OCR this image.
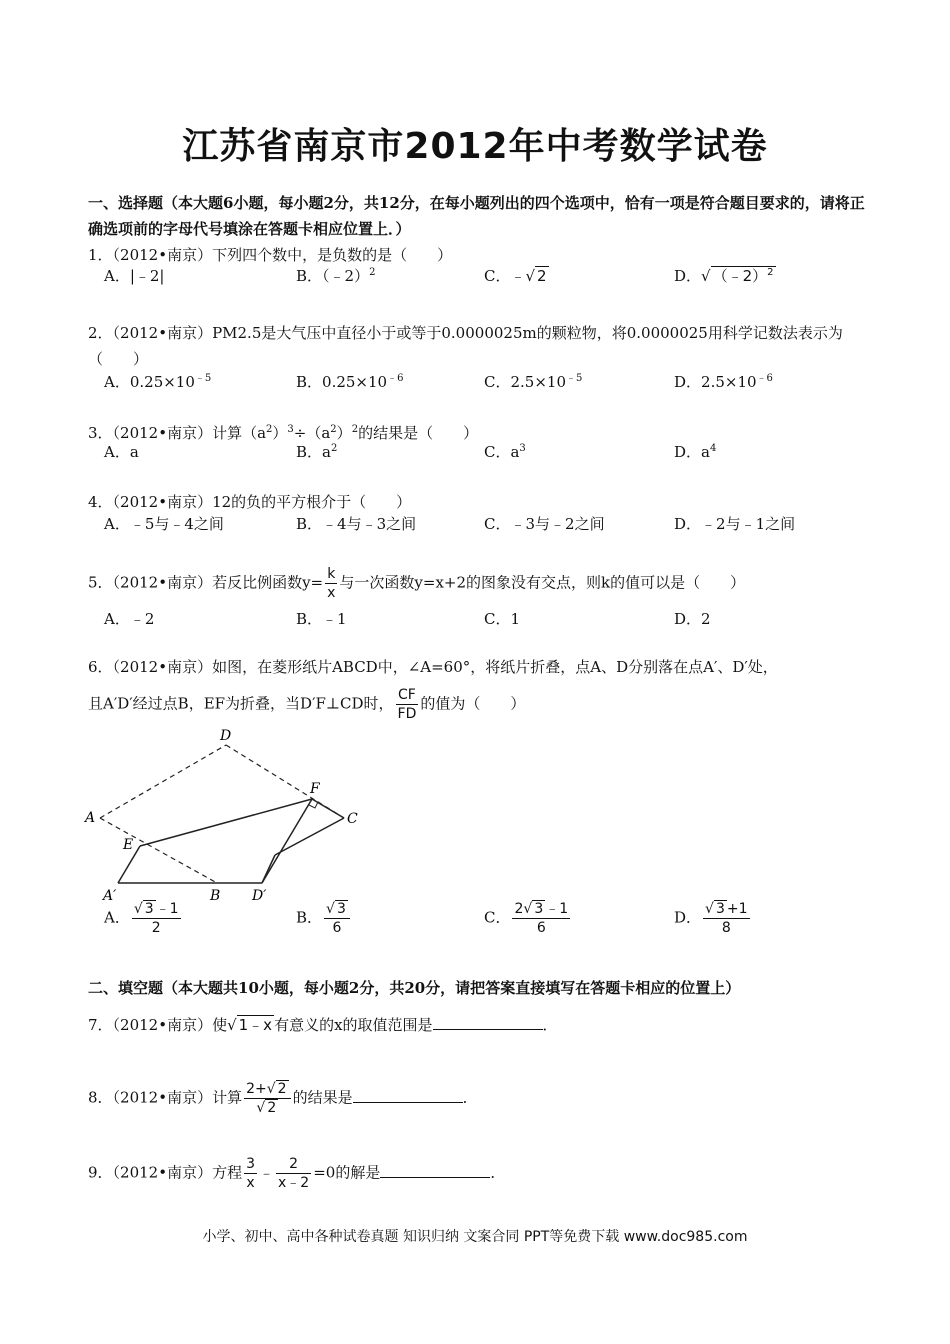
江苏省南京市2012年中考数学试卷
一、选择题（本大题6小题，每小题2分，共12分，在每小题列出的四个选项中，恰有一项是符合题目要求的，请将正确选项前的字母代号填涂在答题卡相应位置上．）
1．（2012•南京）下列四个数中，是负数的是（　　）
A．|﹣2|	B．（﹣2）$^2$	C．﹣√ 2	D．√ （﹣2）$^2$
2．（2012•南京）PM2.5是大气压中直径小于或等于0.0000025m的颗粒物，将0.0000025用科学记数法表示为（　　）
A．$0.25\times 10^{﹣5}$	B．$0.25\times 10^{﹣6}$	C．$2.5\times 10^{﹣5}$	D．$2.5\times 10^{﹣6}$
3．（2012•南京）计算$(a^2)^3\div(a^2)^2$的结果是（　　）
A．a	B．$a^2$	C．$a^3$	D．$a^4$
4．（2012•南京）12的负的平方根介于（　　）
A．﹣5与﹣4之间	B．﹣4与﹣3之间	C．﹣3与﹣2之间	D．﹣2与﹣1之间
5．（2012•南京）若反比例函数$y= \frac{k}{x}$ 与一次函数y=x+2的图象没有交点，则k的值可以是（　　）
A．﹣2	B．﹣1	C．1	D．2
6．（2012•南京）如图，在菱形纸片ABCD中，∠A=60°，将纸片折叠，点A、D分别落在点A′、D′处，
且A′D′经过点B，EF为折叠，当D′F⊥CD时， $\frac{CF}{FD}$ 的值为（　　）
D
F
A	C
E
A′	B D′
A． $\frac{√ 3 ﹣1}{2}$	B． $\frac{√ 3}{6}$	C． $\frac{2√ 3 ﹣1}{6}$	D． $\frac{√ 3 +1}{8}$
二、填空题（本大题共10小题，每小题2分，共20分，请把答案直接填写在答题卡相应的位置上）
7．（2012•南京）使√ 1﹣x 有意义的x的取值范围是	．
8．（2012•南京）计算 $\frac{2+√ 2}{√ 2}$ 的结果是	．
9．（2012•南京）方程 $\frac{3}{x}$ ﹣ $\frac{2}{x﹣2} =0$的解是	．
小学、初中、高中各种试卷真题 知识归纳 文案合同 PPT等免费下载 www.doc985.com
